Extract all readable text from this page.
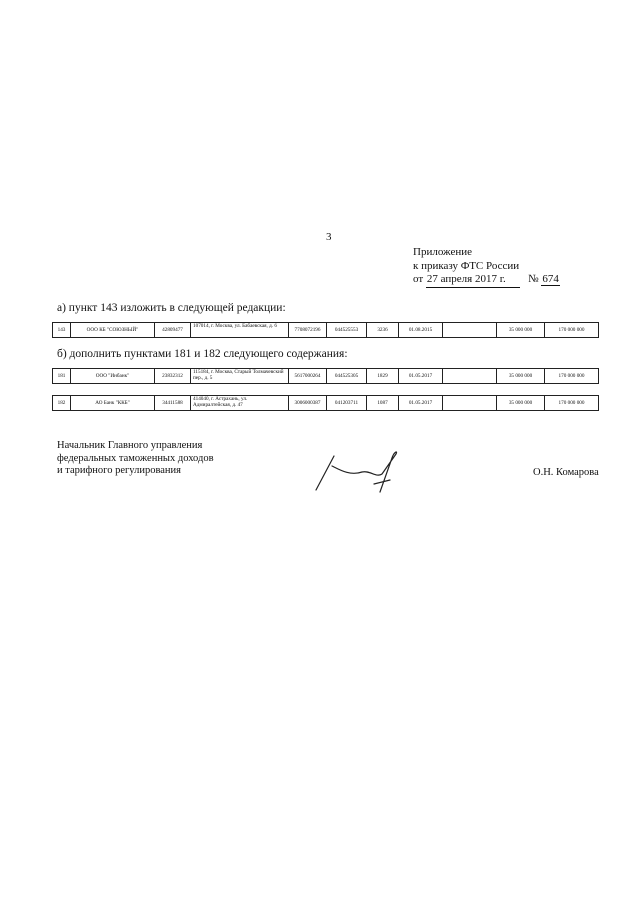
3
Приложение
к приказу ФТС России
от 27 апреля 2017 г. № 674
а) пункт 143 изложить в следующей редакции:
143	ООО КБ "СОЮЗНЫЙ"	42809477	107014, г. Москва, ул. Бабаевская, д. 6	7708072196	044525553	3236	01.08.2015		35 000 000	170 000 000
б) дополнить пунктами 181 и 182 следующего содержания:
181	ООО "Инбанк"	23832312	115184, г. Москва, Старый Толмачевский пер., д. 5	5617000264	044525305	1829	01.05.2017		35 000 000	170 000 000
182	АО Банк "ККБ"	34411588	414040, г. Астрахань, ул. Адмиралтейская, д. 47	3006000387	041203711	1087	01.05.2017		35 000 000	170 000 000
Начальник Главного управления
федеральных таможенных доходов
и тарифного регулирования	О.Н. Комарова
